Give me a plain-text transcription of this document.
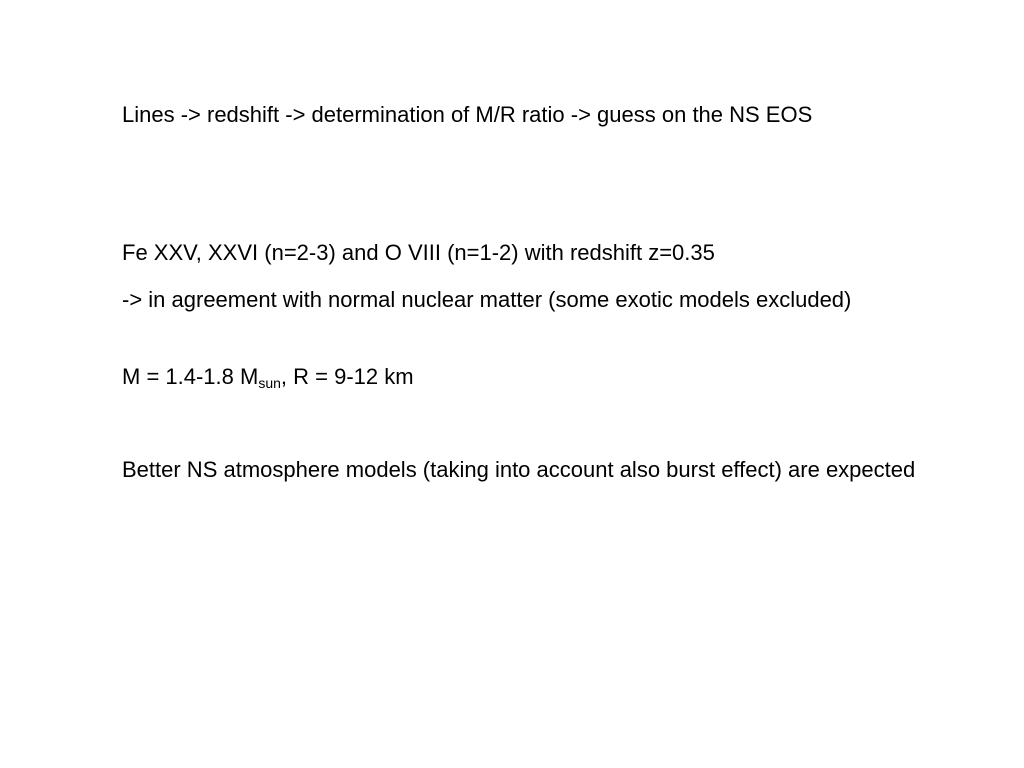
Lines -> redshift -> determination of M/R ratio -> guess on the NS EOS

Fe XXV, XXVI (n=2-3) and O VIII (n=1-2) with redshift z=0.35

-> in agreement with normal nuclear matter (some exotic models excluded)

M = 1.4-1.8 $M_{sun}$, R = 9-12 km

Better NS atmosphere models (taking into account also burst effect) are expected
